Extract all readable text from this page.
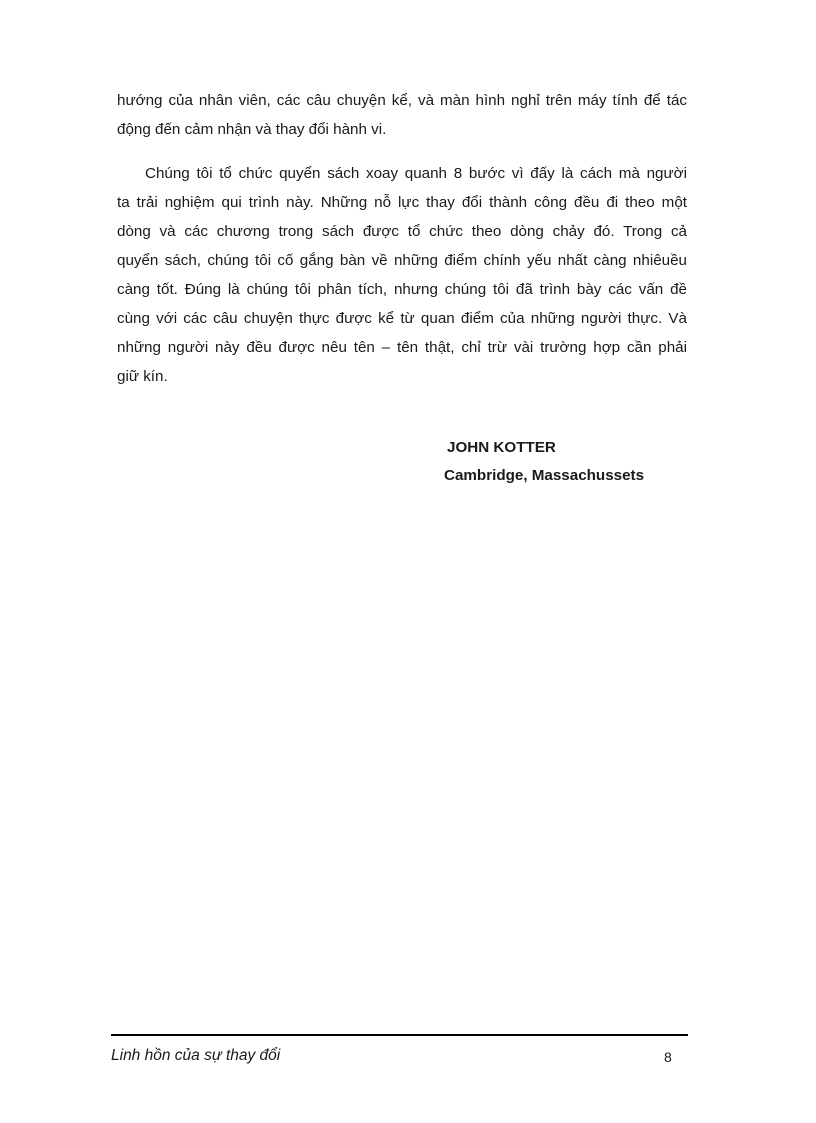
hướng của nhân viên, các câu chuyện kể, và màn hình nghỉ trên máy tính để tác
động đến cảm nhận và thay đổi hành vi.
Chúng tôi tổ chức quyển sách xoay quanh 8 bước vì đấy là cách mà người
ta trải nghiệm qui trình này. Những nỗ lực thay đổi thành công đều đi theo một
dòng và các chương trong sách được tổ chức theo dòng chảy đó. Trong cả
quyển sách, chúng tôi cố gắng bàn về những điểm chính yếu nhất càng nhiêuều
càng tốt. Đúng là chúng tôi phân tích, nhưng chúng tôi đã trình bày các vấn đề
cùng với các câu chuyện thực được kể từ quan điểm của những người thực. Và
những người này đều được nêu tên – tên thật, chỉ trừ vài trường hợp cần phải
giữ kín.
JOHN KOTTER
Cambridge, Massachussets
Linh hồn của sự thay đổi	8
